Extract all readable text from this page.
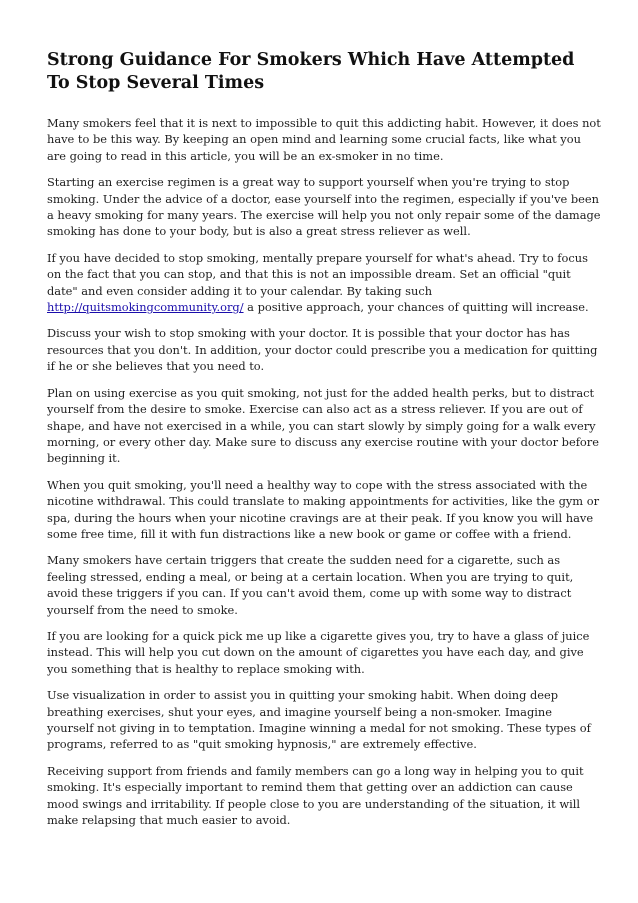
Strong Guidance For Smokers Which Have Attempted To Stop Several Times

Many smokers feel that it is next to impossible to quit this addicting habit. However, it does not have to be this way. By keeping an open mind and learning some crucial facts, like what you are going to read in this article, you will be an ex-smoker in no time.

Starting an exercise regimen is a great way to support yourself when you're trying to stop smoking. Under the advice of a doctor, ease yourself into the regimen, especially if you've been a heavy smoking for many years. The exercise will help you not only repair some of the damage smoking has done to your body, but is also a great stress reliever as well.

If you have decided to stop smoking, mentally prepare yourself for what's ahead. Try to focus on the fact that you can stop, and that this is not an impossible dream. Set an official "quit date" and even consider adding it to your calendar. By taking such http://quitsmokingcommunity.org/ a positive approach, your chances of quitting will increase.

Discuss your wish to stop smoking with your doctor. It is possible that your doctor has has resources that you don't. In addition, your doctor could prescribe you a medication for quitting if he or she believes that you need to.

Plan on using exercise as you quit smoking, not just for the added health perks, but to distract yourself from the desire to smoke. Exercise can also act as a stress reliever. If you are out of shape, and have not exercised in a while, you can start slowly by simply going for a walk every morning, or every other day. Make sure to discuss any exercise routine with your doctor before beginning it.

When you quit smoking, you'll need a healthy way to cope with the stress associated with the nicotine withdrawal. This could translate to making appointments for activities, like the gym or spa, during the hours when your nicotine cravings are at their peak. If you know you will have some free time, fill it with fun distractions like a new book or game or coffee with a friend.

Many smokers have certain triggers that create the sudden need for a cigarette, such as feeling stressed, ending a meal, or being at a certain location. When you are trying to quit, avoid these triggers if you can. If you can't avoid them, come up with some way to distract yourself from the need to smoke.

If you are looking for a quick pick me up like a cigarette gives you, try to have a glass of juice instead. This will help you cut down on the amount of cigarettes you have each day, and give you something that is healthy to replace smoking with.

Use visualization in order to assist you in quitting your smoking habit. When doing deep breathing exercises, shut your eyes, and imagine yourself being a non-smoker. Imagine yourself not giving in to temptation. Imagine winning a medal for not smoking. These types of programs, referred to as "quit smoking hypnosis," are extremely effective.

Receiving support from friends and family members can go a long way in helping you to quit smoking. It's especially important to remind them that getting over an addiction can cause mood swings and irritability. If people close to you are understanding of the situation, it will make relapsing that much easier to avoid.
